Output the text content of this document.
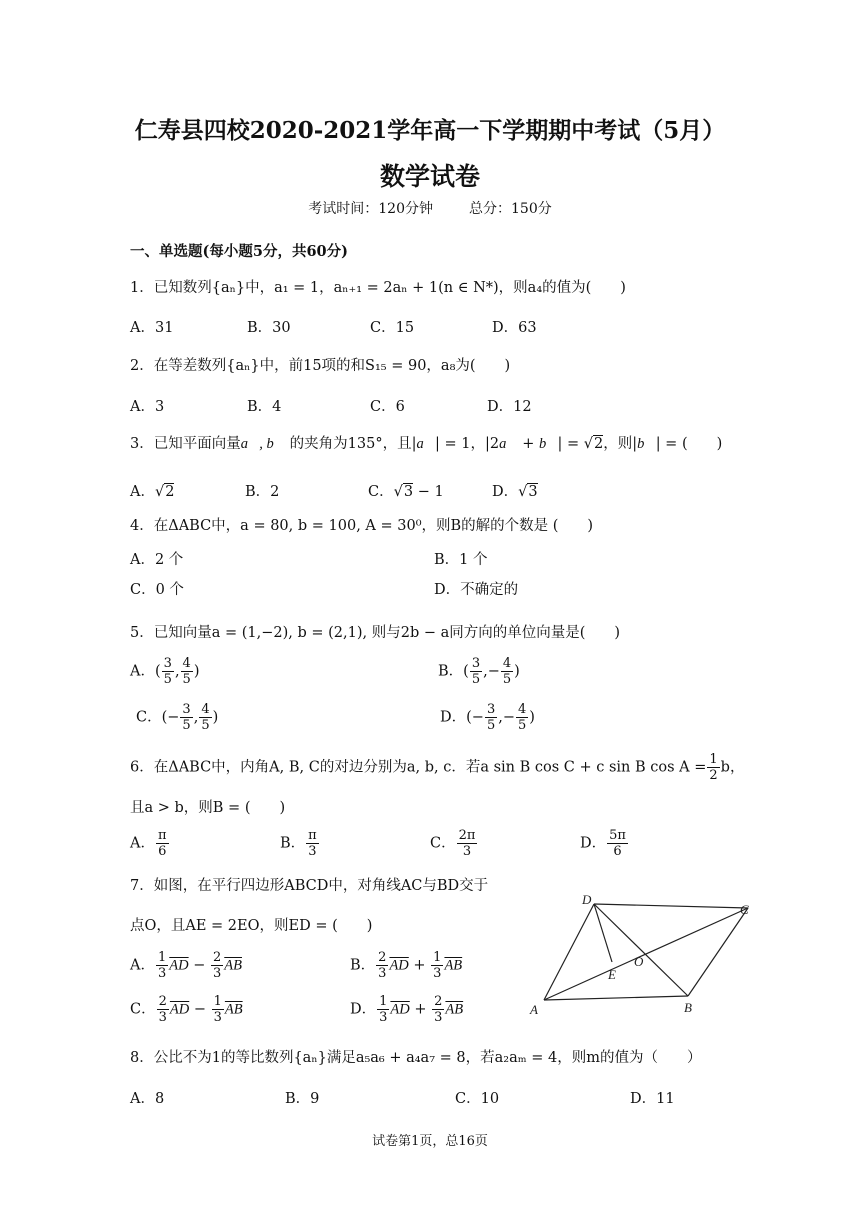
仁寿县四校2020-2021学年高一下学期期中考试（5月）
数学试卷
考试时间：120分钟	总分：150分
一、单选题(每小题5分，共60分)
1．已知数列{aₙ}中，a₁ = 1，aₙ₊₁ = 2aₙ + 1(n ∈ N*)，则a₄的值为(　　)
A．31	B．30	C．15	D．63
2．在等差数列{aₙ}中，前15项的和S₁₅ = 90，a₈为(　　)
A．3	B．4	C．6	D．12
3．已知平面向量a⃗, b⃗ 的夹角为135°，且|a⃗| = 1，|2a⃗ + b⃗| = √2，则|b⃗| = (　　)
A．√2	B．2	C．√3 − 1	D．√3
4．在ΔABC中，a = 80, b = 100, A = 30⁰，则B的解的个数是 (　　)
A．2 个	B．1 个
C．0 个	D．不确定的
5．已知向量a = (1,−2), b = (2,1), 则与2b − a同方向的单位向量是(　　)
A．( $\frac{3}{5}$ , $\frac{4}{5}$ )	B．( $\frac{3}{5}$ ,− $\frac{4}{5}$ )
C．(− $\frac{3}{5}$ , $\frac{4}{5}$ )	D．(− $\frac{3}{5}$ ,− $\frac{4}{5}$ )
6．在ΔABC中，内角A, B, C的对边分别为a, b, c．若a sin B cos C + c sin B $\cos A = \frac{1}{2}$ b，
且a > b，则B = (　　)
A． $\frac{\pi}{6}$	B． $\frac{\pi}{3}$	C． $\frac{2\pi}{3}$	D． $\frac{5\pi}{6}$
7．如图，在平行四边形ABCD中，对角线AC与BD交于
点O，且AE = 2EO，则ED = (　　)
A． $\frac{1}{3} \overline{AD} - \frac{2}{3} \overline{AB}$	B． $\frac{2}{3} \overline{AD} + \frac{1}{3} \overline{AB}$
C． $\frac{2}{3} \overline{AD} - \frac{1}{3} \overline{AB}$	D． $\frac{1}{3} \overline{AD} + \frac{2}{3} \overline{AB}$	A	B
C
D
E
O
8．公比不为1的等比数列{aₙ}满足a₅a₆ + a₄a₇ = 8，若a₂aₘ = 4，则m的值为（　　）
A．8	B．9	C．10	D．11
试卷第1页，总16页
